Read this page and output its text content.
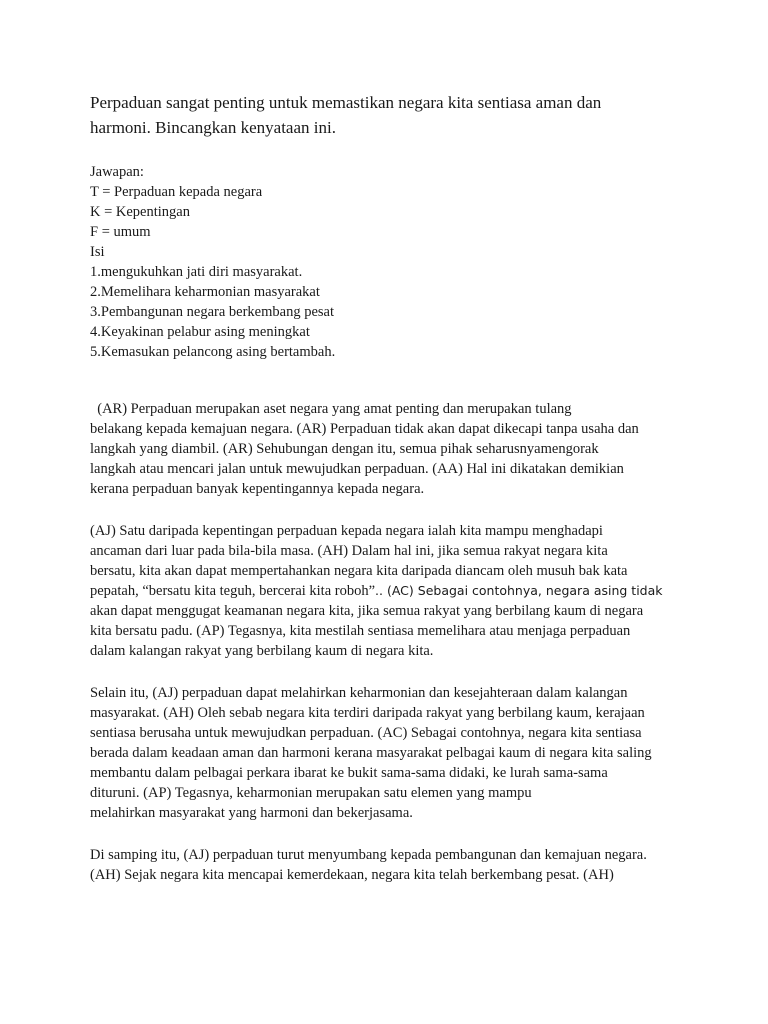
Perpaduan sangat penting untuk memastikan negara kita sentiasa aman dan
harmoni. Bincangkan kenyataan ini.

Jawapan:
T = Perpaduan kepada negara
K = Kepentingan
F = umum
Isi
1.mengukuhkan jati diri masyarakat.
2.Memelihara keharmonian masyarakat
3.Pembangunan negara berkembang pesat
4.Keyakinan pelabur asing meningkat
5.Kemasukan pelancong asing bertambah.
(AR) Perpaduan merupakan aset negara yang amat penting dan merupakan tulang
belakang kepada kemajuan negara. (AR) Perpaduan tidak akan dapat dikecapi tanpa usaha dan
langkah yang diambil. (AR) Sehubungan dengan itu, semua pihak seharusnyamengorak
langkah atau mencari jalan untuk mewujudkan perpaduan. (AA) Hal ini dikatakan demikian
kerana perpaduan banyak kepentingannya kepada negara.
(AJ) Satu daripada kepentingan perpaduan kepada negara ialah kita mampu menghadapi
ancaman dari luar pada bila-bila masa. (AH) Dalam hal ini, jika semua rakyat negara kita
bersatu, kita akan dapat mempertahankan negara kita daripada diancam oleh musuh bak kata
pepatah, “bersatu kita teguh, bercerai kita roboh”.. (AC) Sebagai contohnya, negara asing tidak
akan dapat menggugat keamanan negara kita, jika semua rakyat yang berbilang kaum di negara
kita bersatu padu. (AP) Tegasnya, kita mestilah sentiasa memelihara atau menjaga perpaduan
dalam kalangan rakyat yang berbilang kaum di negara kita.
Selain itu, (AJ) perpaduan dapat melahirkan keharmonian dan kesejahteraan dalam kalangan
masyarakat. (AH) Oleh sebab negara kita terdiri daripada rakyat yang berbilang kaum, kerajaan
sentiasa berusaha untuk mewujudkan perpaduan. (AC) Sebagai contohnya, negara kita sentiasa
berada dalam keadaan aman dan harmoni kerana masyarakat pelbagai kaum di negara kita saling
membantu dalam pelbagai perkara ibarat ke bukit sama-sama didaki, ke lurah sama-sama
dituruni. (AP) Tegasnya, keharmonian merupakan satu elemen yang mampu
melahirkan masyarakat yang harmoni dan bekerjasama.
Di samping itu, (AJ) perpaduan turut menyumbang kepada pembangunan dan kemajuan negara.
(AH) Sejak negara kita mencapai kemerdekaan, negara kita telah berkembang pesat. (AH)
